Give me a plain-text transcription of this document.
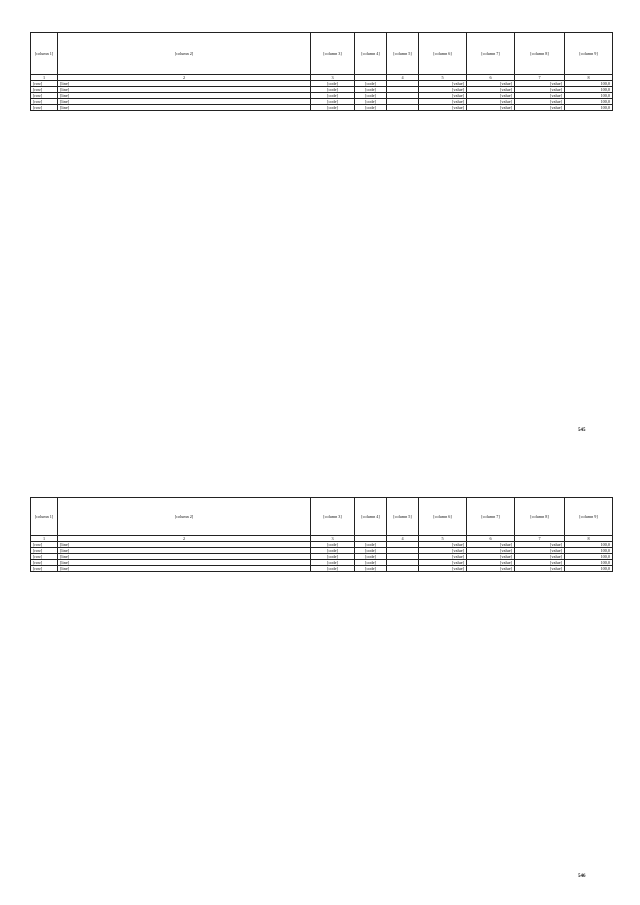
[column 1]	[column 2]	[column 3]	[column 4]	[column 5]	[column 6]	[column 7]	[column 8]	[column 9]
1	2	3		4	5	6	7	8
[row]	[line]	[code]	[code]		[value]	[value]	[value]	100,0
[row]	[line]	[code]	[code]		[value]	[value]	[value]	100,0
[row]	[line]	[code]	[code]		[value]	[value]	[value]	100,0
[row]	[line]	[code]	[code]		[value]	[value]	[value]	100,0
[row]	[line]	[code]	[code]		[value]	[value]	[value]	100,0
545
[column 1]	[column 2]	[column 3]	[column 4]	[column 5]	[column 6]	[column 7]	[column 8]	[column 9]
1	2	3		4	5	6	7	8
[row]	[line]	[code]	[code]		[value]	[value]	[value]	100,0
[row]	[line]	[code]	[code]		[value]	[value]	[value]	100,0
[row]	[line]	[code]	[code]		[value]	[value]	[value]	100,0
[row]	[line]	[code]	[code]		[value]	[value]	[value]	100,0
[row]	[line]	[code]	[code]		[value]	[value]	[value]	100,0
546
